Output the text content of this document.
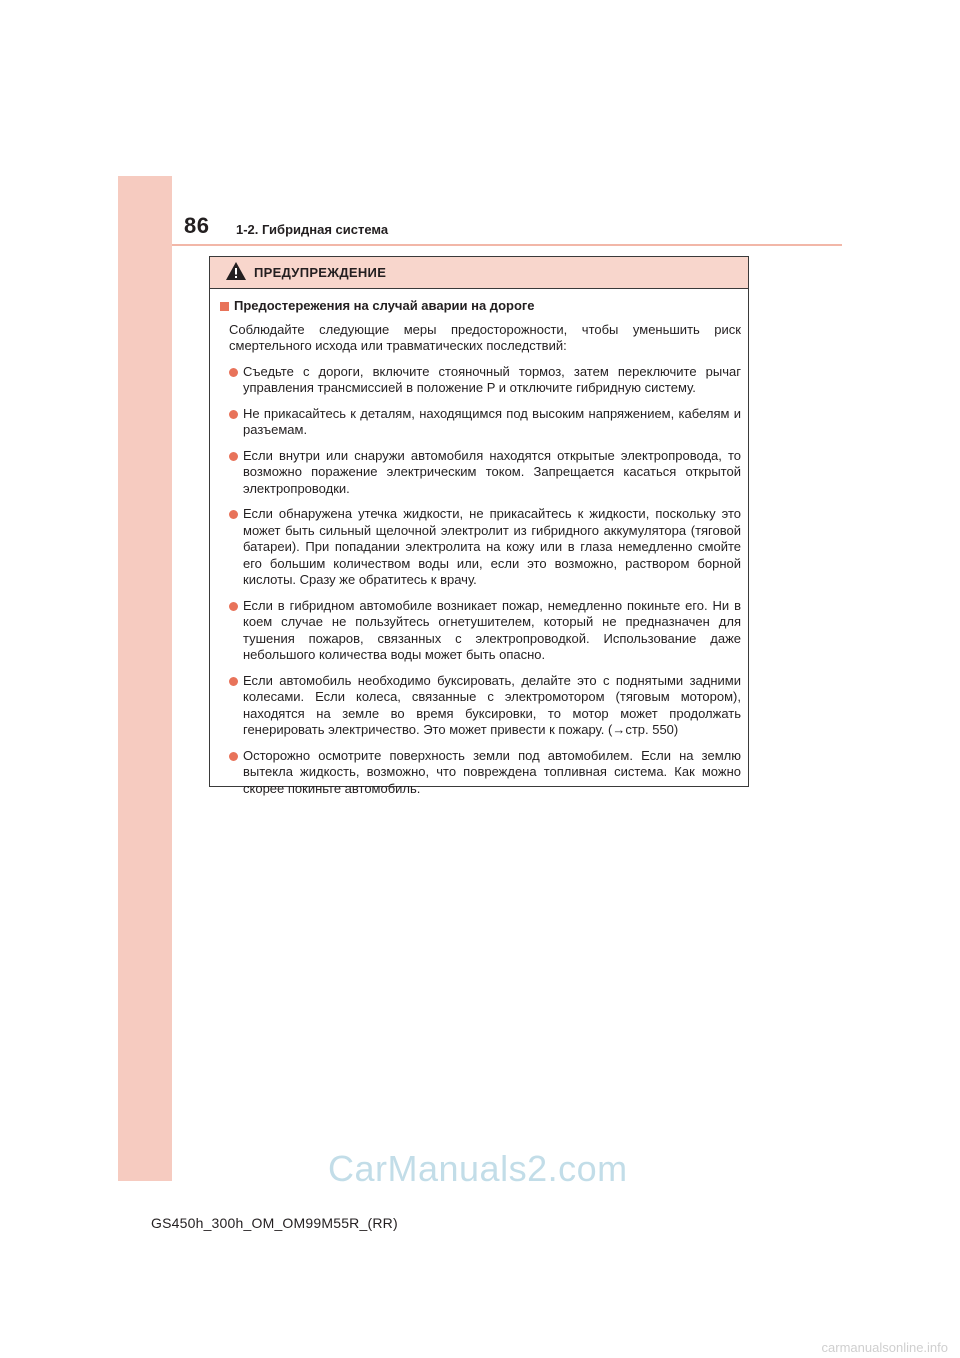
86 1-2. Гибридная система
ПРЕДУПРЕЖДЕНИЕ
Предостережения на случай аварии на дороге
Соблюдайте следующие меры предосторожности, чтобы уменьшить риск смертельного исхода или травматических последствий:
Съедьте с дороги, включите стояночный тормоз, затем переключите рычаг управления трансмиссией в положение P и отключите гибридную систему.
Не прикасайтесь к деталям, находящимся под высоким напряжением, кабелям и разъемам.
Если внутри или снаружи автомобиля находятся открытые электропровода, то возможно поражение электрическим током. Запрещается касаться открытой электропроводки.
Если обнаружена утечка жидкости, не прикасайтесь к жидкости, поскольку это может быть сильный щелочной электролит из гибридного аккумулятора (тяговой батареи). При попадании электролита на кожу или в глаза немедленно смойте его большим количеством воды или, если это возможно, раствором борной кислоты. Сразу же обратитесь к врачу.
Если в гибридном автомобиле возникает пожар, немедленно покиньте его. Ни в коем случае не пользуйтесь огнетушителем, который не предназначен для тушения пожаров, связанных с электропроводкой. Использование даже небольшого количества воды может быть опасно.
Если автомобиль необходимо буксировать, делайте это с поднятыми задними колесами. Если колеса, связанные с электромотором (тяговым мотором), находятся на земле во время буксировки, то мотор может продолжать генерировать электричество. Это может привести к пожару. (→стр. 550)
Осторожно осмотрите поверхность земли под автомобилем. Если на землю вытекла жидкость, возможно, что повреждена топливная система. Как можно скорее покиньте автомобиль.
CarManuals2.com
GS450h_300h_OM_OM99M55R_(RR)
carmanualsonline.info
